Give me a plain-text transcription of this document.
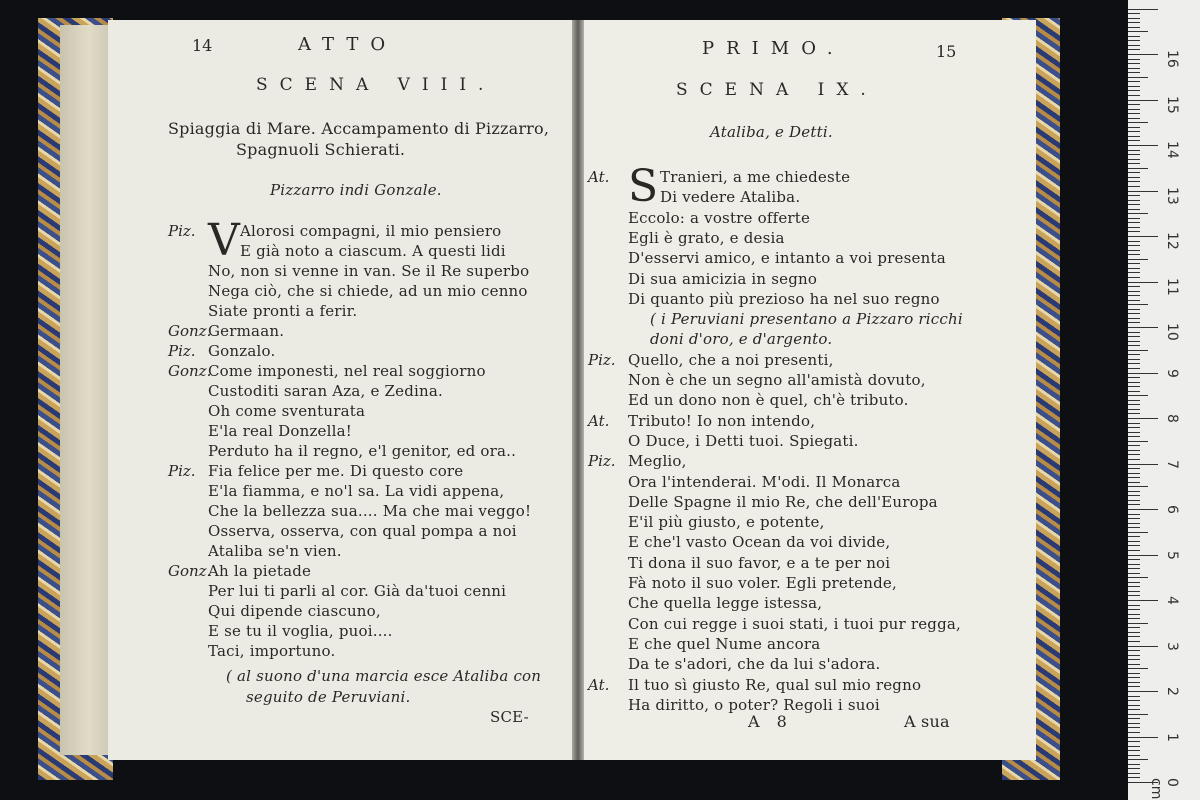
14	ATTO
SCENA VIII.
Spiaggia di Mare. Accampamento di Pizzarro,
Spagnuoli Schierati.
Pizzarro indi Gonzale.
Piz. V Alorosi compagni, il mio pensiero
E già noto a ciascum. A questi lidi
No, non si venne in van. Se il Re superbo
Nega ciò, che si chiede, ad un mio cenno
Siate pronti a ferir.
Gonz.
Germaan.
Piz. Gonzalo.
Gonz.
Come imponesti, nel real soggiorno
Custoditi saran Aza, e Zedina.
Oh come sventurata
E'la real Donzella!
Perduto ha il regno, e'l genitor, ed ora..
Piz. Fia felice per me. Di questo core
E'la fiamma, e no'l sa. La vidi appena,
Che la bellezza sua.... Ma che mai veggo!
Osserva, osserva, con qual pompa a noi
Ataliba se'n vien.
Gonz.
Ah la pietade
Per lui ti parli al cor. Già da'tuoi cenni
Qui dipende ciascuno,
E se tu il voglia, puoi....
Taci, importuno.
( al suono d'una marcia esce Ataliba con
seguito de Peruviani.
SCE-
PRIMO.	15
SCENA IX.
Ataliba, e Detti.
At. S Tranieri, a me chiedeste
Di vedere Ataliba.
Eccolo: a vostre offerte
Egli è grato, e desia
D'esservi amico, e intanto a voi presenta
Di sua amicizia in segno
Di quanto più prezioso ha nel suo regno
( i Peruviani presentano a Pizzaro ricchi
doni d'oro, e d'argento.
Piz. Quello, che a noi presenti,
Non è che un segno all'amistà dovuto,
Ed un dono non è quel, ch'è tributo.
At. Tributo! Io non intendo,
O Duce, i Detti tuoi. Spiegati.
Piz. Meglio,
Ora l'intenderai. M'odi. Il Monarca
Delle Spagne il mio Re, che dell'Europa
E'il più giusto, e potente,
E che'l vasto Ocean da voi divide,
Ti dona il suo favor, e a te per noi
Fà noto il suo voler. Egli pretende,
Che quella legge istessa,
Con cui regge i suoi stati, i tuoi pur regga,
E che quel Nume ancora
Da te s'adori, che da lui s'adora.
At. Il tuo sì giusto Re, qual sul mio regno
Ha diritto, o poter? Regoli i suoi
A 8	A sua
0 cm
1
2
3
4
5
6
7
8
9
10
11
12
13
14
15
16
